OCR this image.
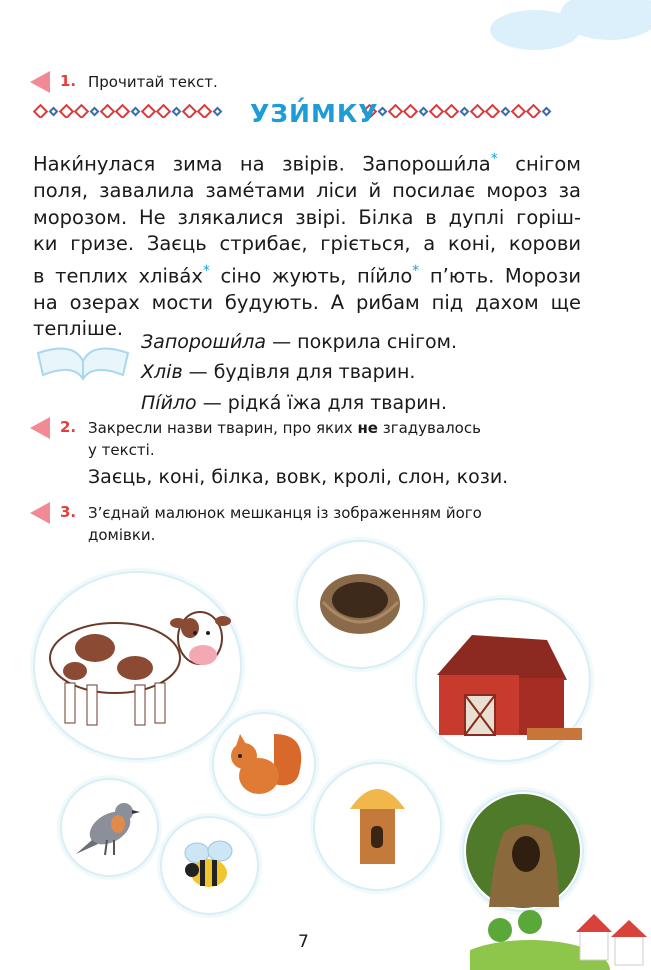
1. Прочитай текст.
УЗИ́МКУ
Наки́нулася зима на звірів. Запороши́ла* снігом
поля, завалила заме́тами ліси й посилає мороз за
морозом. Не злякалися звірі. Білка в дуплі горіш-
ки гризе. Заєць стрибає, гріється, а коні, корови
в теплих хліва́х* сіно жують, пі́йло* п’ють. Морози
на озерах мости будують. А рибам під дахом ще
тепліше.
Запороши́ла — покрила снігом.
Хлів — будівля для тварин.
Пі́йло — рідка́ їжа для тварин.
2. Закресли назви тварин, про яких не згадувалось
у тексті.
Заєць, коні, білка, вовк, кролі, слон, кози.
3. З’єднай малюнок мешканця із зображенням його
домівки.
7
